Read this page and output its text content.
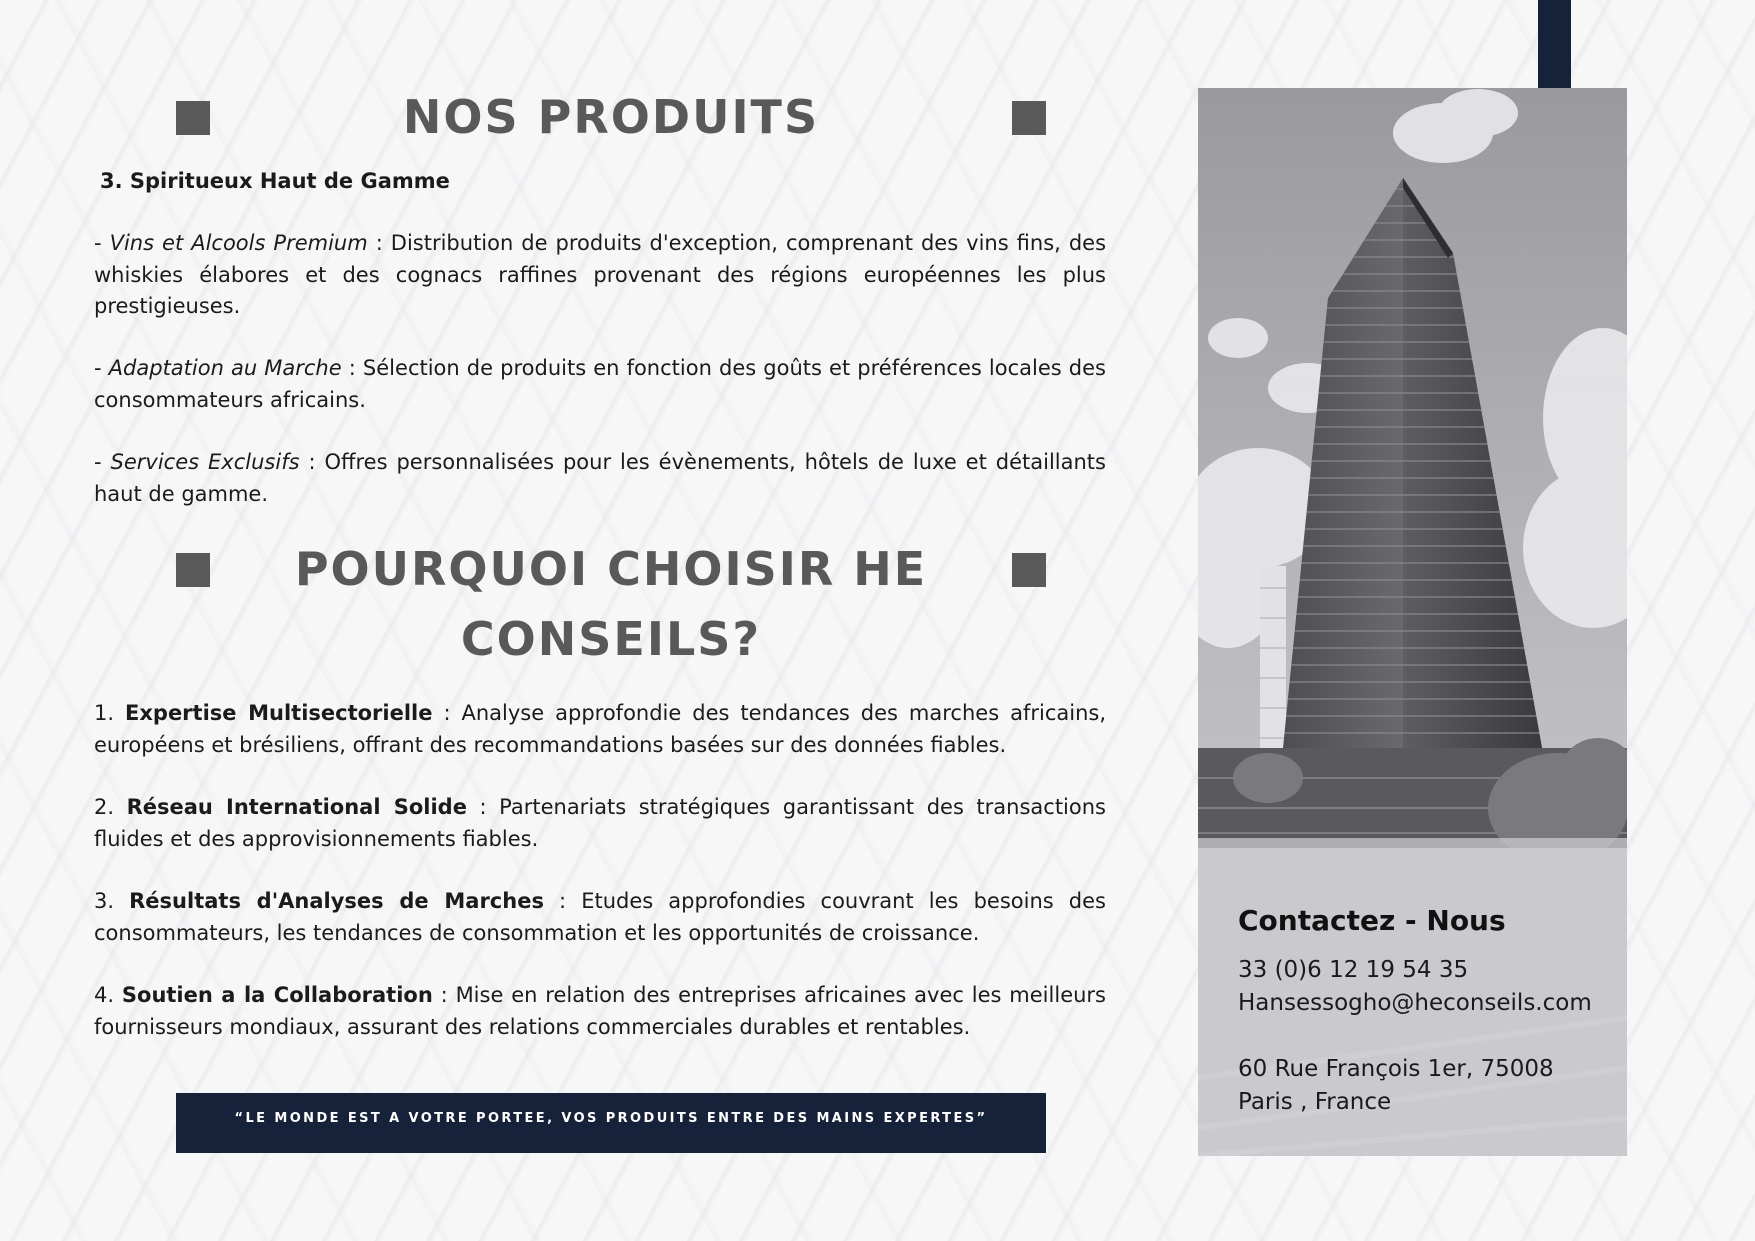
NOS PRODUITS
3. Spiritueux Haut de Gamme
- Vins et Alcools Premium : Distribution de produits d'exception, comprenant des vins fins, des whiskies élabores et des cognacs raffines provenant des régions européennes les plus prestigieuses.
- Adaptation au Marche : Sélection de produits en fonction des goûts et préférences locales des consommateurs africains.
- Services Exclusifs : Offres personnalisées pour les évènements, hôtels de luxe et détaillants haut de gamme.
POURQUOI CHOISIR HE CONSEILS?
1. Expertise Multisectorielle : Analyse approfondie des tendances des marches africains, européens et brésiliens, offrant des recommandations basées sur des données fiables.
2. Réseau International Solide : Partenariats stratégiques garantissant des transactions fluides et des approvisionnements fiables.
3. Résultats d'Analyses de Marches : Etudes approfondies couvrant les besoins des consommateurs, les tendances de consommation et les opportunités de croissance.
4. Soutien a la Collaboration : Mise en relation des entreprises africaines avec les meilleurs fournisseurs mondiaux, assurant des relations commerciales durables et rentables.
“LE MONDE EST A VOTRE PORTEE, VOS PRODUITS ENTRE DES MAINS EXPERTES”
Contactez - Nous
33 (0)6 12 19 54 35
Hansessogho@heconseils.com
60 Rue François 1er, 75008
Paris , France
